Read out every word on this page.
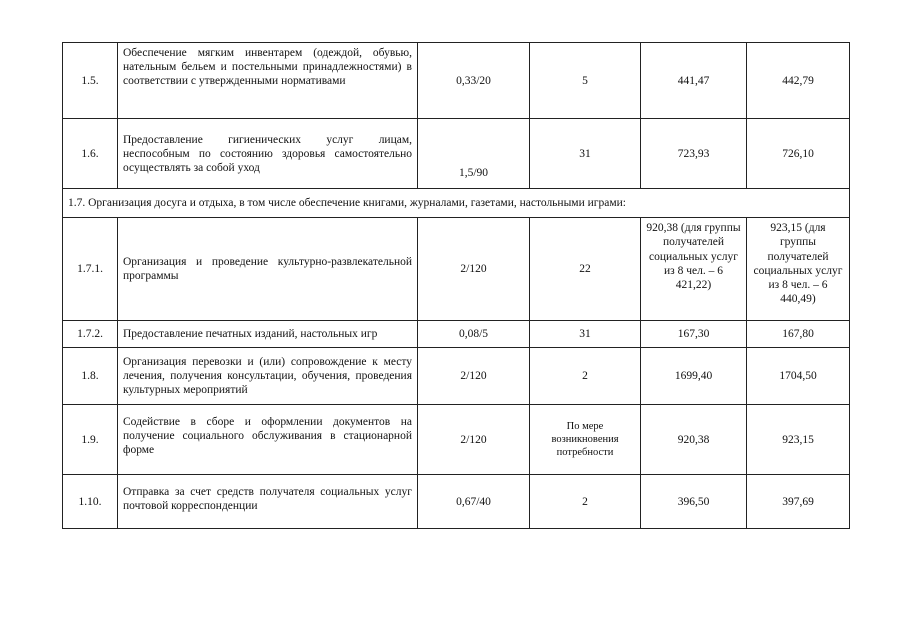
1.5.	Обеспечение мягким инвентарем (одеждой, обувью, нательным бельем и постельными принадлежностями) в соответствии с утвержденными нормативами	0,33/20	5	441,47	442,79
1.6.	Предоставление гигиенических услуг лицам, неспособным по состоянию здоровья самостоятельно осуществлять за собой уход	1,5/90	31	723,93	726,10
1.7. Организация досуга и отдыха, в том числе обеспечение книгами, журналами, газетами, настольными играми:					
1.7.1.	Организация и проведение культурно-развлекательной программы	2/120	22	920,38 (для группы получателей социальных услуг из 8 чел. – 6 421,22)	923,15 (для группы получателей социальных услуг из 8 чел. – 6 440,49)
1.7.2.	Предоставление печатных изданий, настольных игр	0,08/5	31	167,30	167,80
1.8.	Организация перевозки и (или) сопровождение к месту лечения, получения консультации, обучения, проведения культурных мероприятий	2/120	2	1699,40	1704,50
1.9.	Содействие в сборе и оформлении документов на получение социального обслуживания в стационарной форме	2/120	По мере возникновения потребности	920,38	923,15
1.10.	Отправка за счет средств получателя социальных услуг почтовой корреспонденции	0,67/40	2	396,50	397,69
